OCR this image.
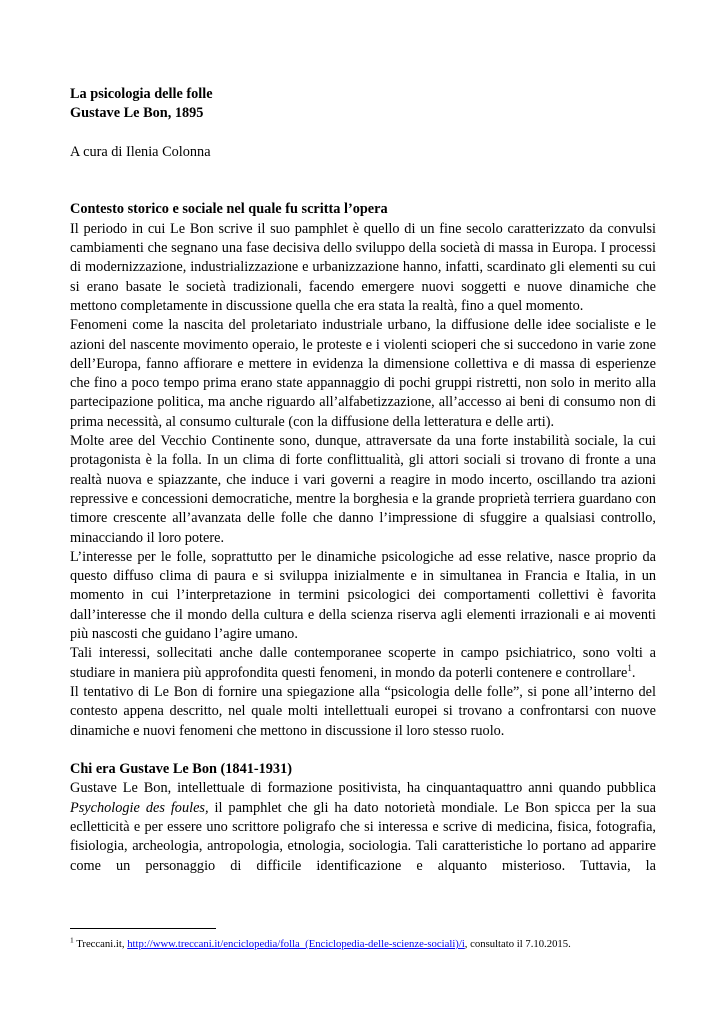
La psicologia delle folle

Gustave Le Bon, 1895

A cura di Ilenia Colonna

Contesto storico e sociale nel quale fu scritta l’opera

Il periodo in cui Le Bon scrive il suo pamphlet è quello di un fine secolo caratterizzato da convulsi cambiamenti che segnano una fase decisiva dello sviluppo della società di massa in Europa. I processi di modernizzazione, industrializzazione e urbanizzazione hanno, infatti, scardinato gli elementi su cui si erano basate le società tradizionali, facendo emergere nuovi soggetti e nuove dinamiche che mettono completamente in discussione quella che era stata la realtà, fino a quel momento.

Fenomeni come la nascita del proletariato industriale urbano, la diffusione delle idee socialiste e le azioni del nascente movimento operaio, le proteste e i violenti scioperi che si succedono in varie zone dell’Europa, fanno affiorare e mettere in evidenza la dimensione collettiva e di massa di esperienze che fino a poco tempo prima erano state appannaggio di pochi gruppi ristretti, non solo in merito alla partecipazione politica, ma anche riguardo all’alfabetizzazione, all’accesso ai beni di consumo non di prima necessità, al consumo culturale (con la diffusione della letteratura e delle arti).

Molte aree del Vecchio Continente sono, dunque, attraversate da una forte instabilità sociale, la cui protagonista è la folla. In un clima di forte conflittualità, gli attori sociali si trovano di fronte a una realtà nuova e spiazzante, che induce i vari governi a reagire in modo incerto, oscillando tra azioni repressive e concessioni democratiche, mentre la borghesia e la grande proprietà terriera guardano con timore crescente all’avanzata delle folle che danno l’impressione di sfuggire a qualsiasi controllo, minacciando il loro potere.

L’interesse per le folle, soprattutto per le dinamiche psicologiche ad esse relative, nasce proprio da questo diffuso clima di paura e si sviluppa inizialmente e in simultanea in Francia e Italia, in un momento in cui l’interpretazione in termini psicologici dei comportamenti collettivi è favorita dall’interesse che il mondo della cultura e della scienza riserva agli elementi irrazionali e ai moventi più nascosti che guidano l’agire umano.

Tali interessi, sollecitati anche dalle contemporanee scoperte in campo psichiatrico, sono volti a studiare in maniera più approfondita questi fenomeni, in mondo da poterli contenere e controllare$^1$.

Il tentativo di Le Bon di fornire una spiegazione alla “psicologia delle folle”, si pone all’interno del contesto appena descritto, nel quale molti intellettuali europei si trovano a confrontarsi con nuove dinamiche e nuovi fenomeni che mettono in discussione il loro stesso ruolo.

Chi era Gustave Le Bon (1841-1931)

Gustave Le Bon, intellettuale di formazione positivista, ha cinquantaquattro anni quando pubblica Psychologie des foules, il pamphlet che gli ha dato notorietà mondiale. Le Bon spicca per la sua eclletticità e per essere uno scrittore poligrafo che si interessa e scrive di medicina, fisica, fotografia, fisiologia, archeologia, antropologia, etnologia, sociologia. Tali caratteristiche lo portano ad apparire come un personaggio di difficile identificazione e alquanto misterioso. Tuttavia, la

$^1$ Treccani.it, http://www.treccani.it/enciclopedia/folla_(Enciclopedia-delle-scienze-sociali)/i, consultato il 7.10.2015.
